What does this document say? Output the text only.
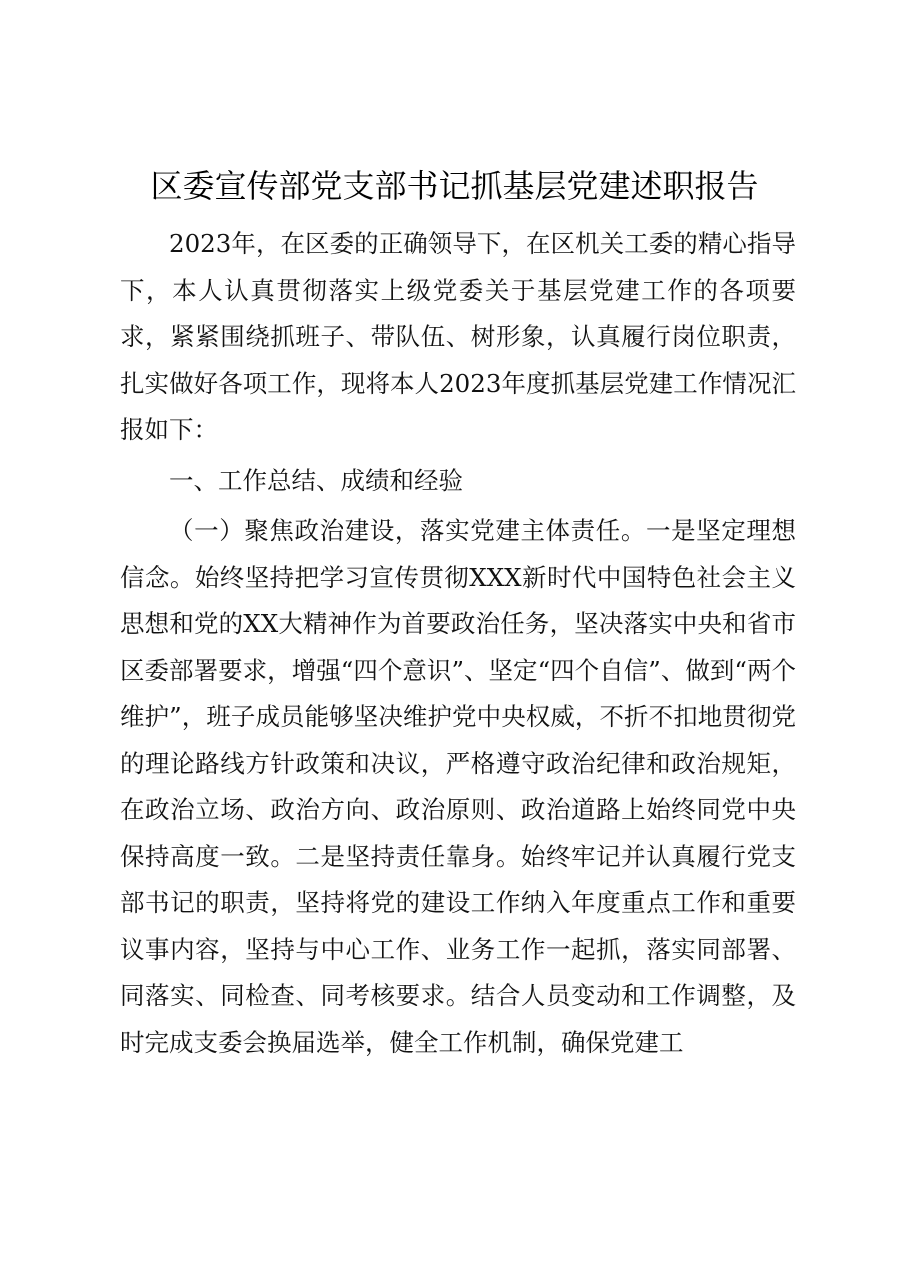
区委宣传部党支部书记抓基层党建述职报告

2023年，在区委的正确领导下，在区机关工委的精心指导下，本人认真贯彻落实上级党委关于基层党建工作的各项要求，紧紧围绕抓班子、带队伍、树形象，认真履行岗位职责，扎实做好各项工作，现将本人2023年度抓基层党建工作情况汇报如下：

一、工作总结、成绩和经验

（一）聚焦政治建设，落实党建主体责任。一是坚定理想信念。始终坚持把学习宣传贯彻XXX新时代中国特色社会主义思想和党的XX大精神作为首要政治任务，坚决落实中央和省市区委部署要求，增强“四个意识”、坚定“四个自信”、做到“两个维护”，班子成员能够坚决维护党中央权威，不折不扣地贯彻党的理论路线方针政策和决议，严格遵守政治纪律和政治规矩，在政治立场、政治方向、政治原则、政治道路上始终同党中央保持高度一致。二是坚持责任靠身。始终牢记并认真履行党支部书记的职责，坚持将党的建设工作纳入年度重点工作和重要议事内容，坚持与中心工作、业务工作一起抓，落实同部署、同落实、同检查、同考核要求。结合人员变动和工作调整，及时完成支委会换届选举，健全工作机制，确保党建工
